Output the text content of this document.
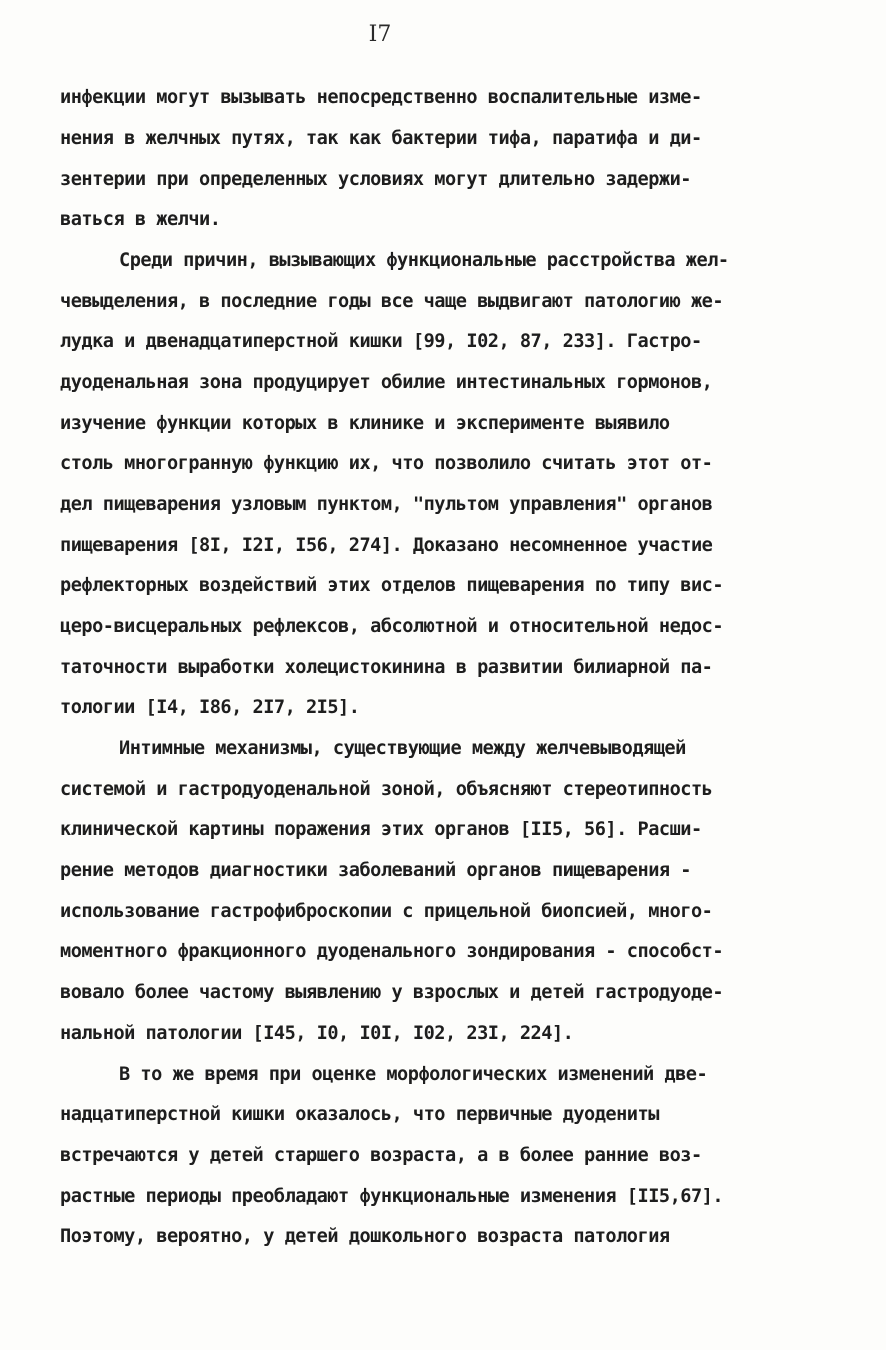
I7
инфекции могут вызывать непосредственно воспалительные изме-
нения в желчных путях, так как бактерии тифа, паратифа и ди-
зентерии при определенных условиях могут длительно задержи-
ваться в желчи.
Среди причин, вызывающих функциональные расстройства жел-
чевыделения, в последние годы все чаще выдвигают патологию же-
лудка и двенадцатиперстной кишки [99, I02, 87, 233]. Гастро-
дуоденальная зона продуцирует обилие интестинальных гормонов,
изучение функции которых в клинике и эксперименте выявило
столь многогранную функцию их, что позволило считать этот от-
дел пищеварения узловым пунктом, "пультом управления" органов
пищеварения [8I, I2I, I56, 274]. Доказано несомненное участие
рефлекторных воздействий этих отделов пищеварения по типу вис-
церо-висцеральных рефлексов, абсолютной и относительной недос-
таточности выработки холецистокинина в развитии билиарной па-
тологии [I4, I86, 2I7, 2I5].
Интимные механизмы, существующие между желчевыводящей
системой и гастродуоденальной зоной, объясняют стереотипность
клинической картины поражения этих органов [II5, 56]. Расши-
рение методов диагностики заболеваний органов пищеварения -
использование гастрофиброскопии с прицельной биопсией, много-
моментного фракционного дуоденального зондирования - способст-
вовало более частому выявлению у взрослых и детей гастродуоде-
нальной патологии [I45, I0, I0I, I02, 23I, 224].
В то же время при оценке морфологических изменений две-
надцатиперстной кишки оказалось, что первичные дуодениты
встречаются у детей старшего возраста, а в более ранние воз-
растные периоды преобладают функциональные изменения [II5,67].
Поэтому, вероятно, у детей дошкольного возраста патология
